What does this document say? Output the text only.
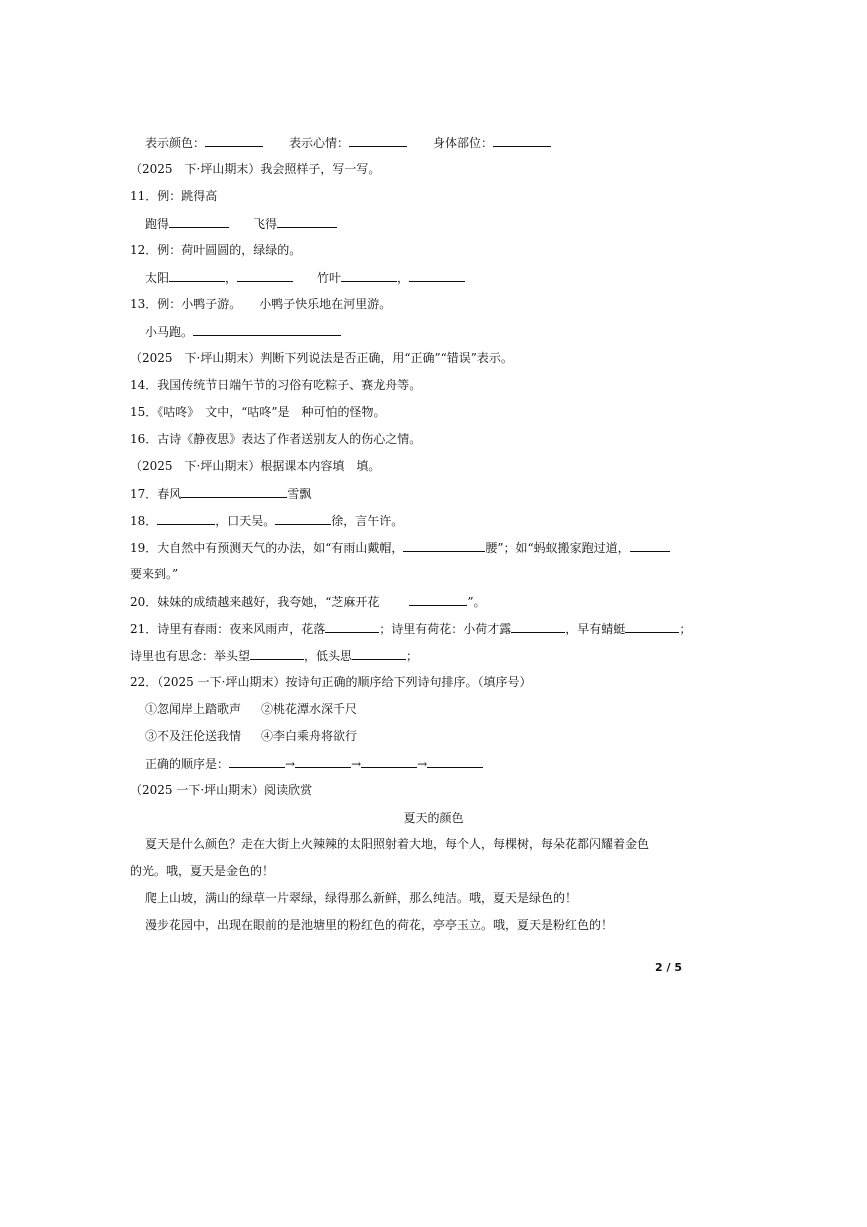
表示颜色：	表示心情：	身体部位：
（2025　下·坪山期末）我会照样子，写一写。
11．例：跳得高
跑得	飞得
12．例：荷叶圆圆的，绿绿的。
太阳	，	竹叶	，
13．例：小鸭子游。　　小鸭子快乐地在河里游。
小马跑。
（2025　下·坪山期末）判断下列说法是否正确，用“正确”“错误”表示。
14．我国传统节日端午节的习俗有吃粽子、赛龙舟等。
15．《咕咚》　文中，“咕咚”是　种可怕的怪物。
16．古诗《静夜思》表达了作者送别友人的伤心之情。
（2025　下·坪山期末）根据课本内容填　填。
17．春风	雪飘
18．	，口天吴。	徐，言午许。
19．大自然中有预测天气的办法，如“有雨山戴帽，	腰”；如“蚂蚁搬家跑过道，
要来到。”
20．妹妹的成绩越来越好，我夸她，“芝麻开花	”。
21．诗里有春雨：夜来风雨声，花落	；诗里有荷花：小荷才露	，早有蜻蜓	；
诗里也有思念：举头望	，低头思	；
22．（2025 一下·坪山期末）按诗句正确的顺序给下列诗句排序。（填序号）
①忽闻岸上踏歌声 ②桃花潭水深千尺
③不及汪伦送我情 ④李白乘舟将欲行
正确的顺序是：	→	→	→
（2025 一下·坪山期末）阅读欣赏
夏天的颜色
夏天是什么颜色？走在大街上火辣辣的太阳照射着大地，每个人，每棵树，每朵花都闪耀着金色
的光。哦，夏天是金色的！
爬上山坡，满山的绿草一片翠绿，绿得那么新鲜，那么纯洁。哦，夏天是绿色的！
漫步花园中，出现在眼前的是池塘里的粉红色的荷花，亭亭玉立。哦，夏天是粉红色的！
2 / 5
